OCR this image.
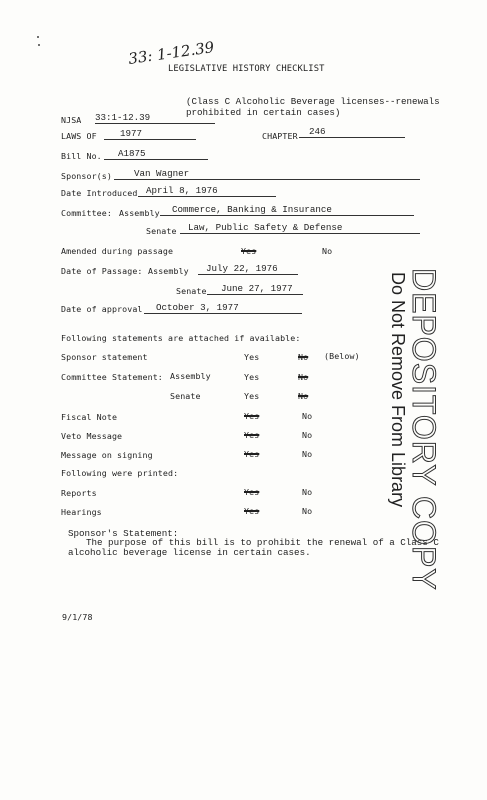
33: 1-12.39
LEGISLATIVE HISTORY CHECKLIST
(Class C Alcoholic Beverage licenses--renewals
prohibited in certain cases)
NJSA 33:1-12.39
LAWS OF	1977	CHAPTER	246
Bill No.	A1875
Sponsor(s)	Van Wagner
Date Introduced April 8, 1976
Committee: Assembly	Commerce, Banking & Insurance
Senate	Law, Public Safety & Defense
Amended during passage	Yes	No
Date of Passage: Assembly	July 22, 1976
Senate	June 27, 1977
Date of approval	October 3, 1977
Following statements are attached if available:
Sponsor statement	Yes	No (Below)
Committee Statement: Assembly	Yes	No
Senate	Yes	No
Fiscal Note	Yes	No
Veto Message	Yes	No
Message on signing	Yes	No
Following were printed:
Reports	Yes	No
Hearings	Yes	No
Sponsor's Statement:
The purpose of this bill is to prohibit the renewal of a Class C
alcoholic beverage license in certain cases.	DEPOSITORY COPY
Do Not Remove From Library
9/1/78
